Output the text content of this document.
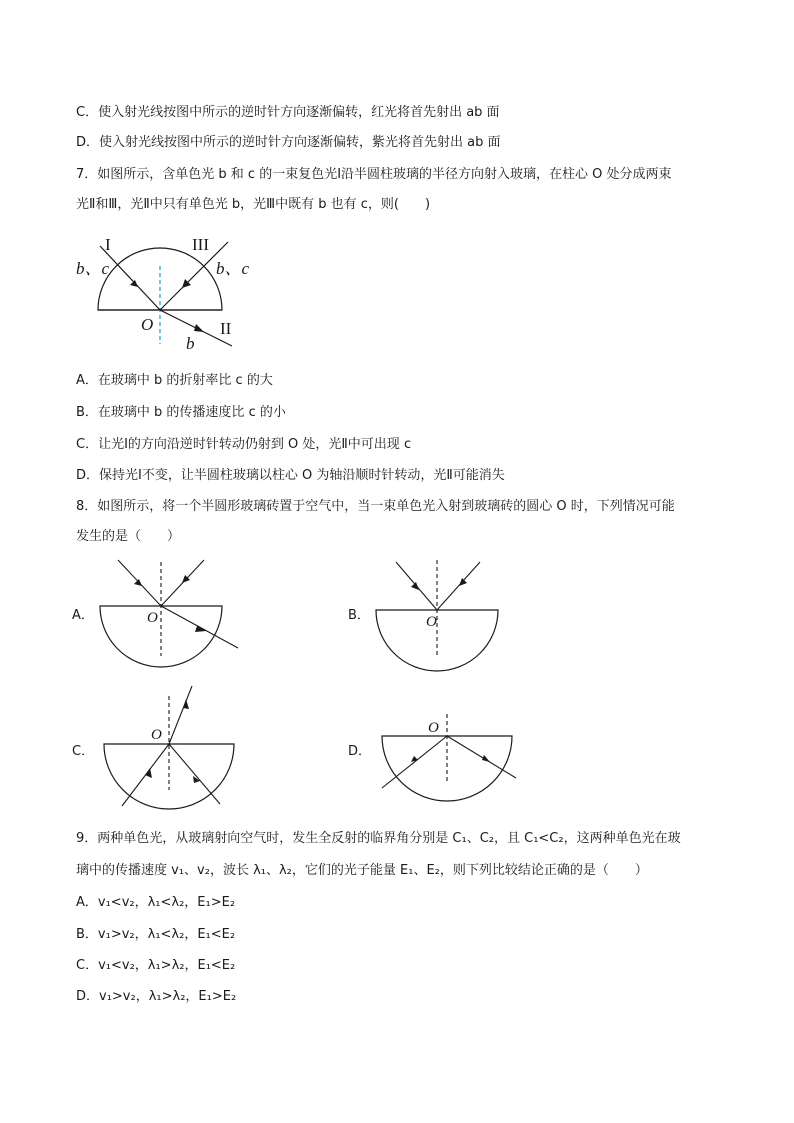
C．使入射光线按图中所示的逆时针方向逐渐偏转，红光将首先射出 ab 面
D．使入射光线按图中所示的逆时针方向逐渐偏转，紫光将首先射出 ab 面
7．如图所示，含单色光 b 和 c 的一束复色光Ⅰ沿半圆柱玻璃的半径方向射入玻璃，在柱心 O 处分成两束
光Ⅱ和Ⅲ，光Ⅱ中只有单色光 b，光Ⅲ中既有 b 也有 c，则(　　)
I	III
b、c	b、c
O	II
b
A．在玻璃中 b 的折射率比 c 的大
B．在玻璃中 b 的传播速度比 c 的小
C．让光Ⅰ的方向沿逆时针转动仍射到 O 处，光Ⅱ中可出现 c
D．保持光Ⅰ不变，让半圆柱玻璃以柱心 O 为轴沿顺时针转动，光Ⅱ可能消失
8．如图所示，将一个半圆形玻璃砖置于空气中，当一束单色光入射到玻璃砖的圆心 O 时，下列情况可能
发生的是（　　）
A．	O	B．	O
C．
O
D．
O
9．两种单色光，从玻璃射向空气时，发生全反射的临界角分别是 C₁、C₂，且 C₁<C₂，这两种单色光在玻
璃中的传播速度 v₁、v₂，波长 λ₁、λ₂，它们的光子能量 E₁、E₂，则下列比较结论正确的是（　　）
A．v₁<v₂，λ₁<λ₂，E₁>E₂
B．v₁>v₂，λ₁<λ₂，E₁<E₂
C．v₁<v₂，λ₁>λ₂，E₁<E₂
D．v₁>v₂，λ₁>λ₂，E₁>E₂
